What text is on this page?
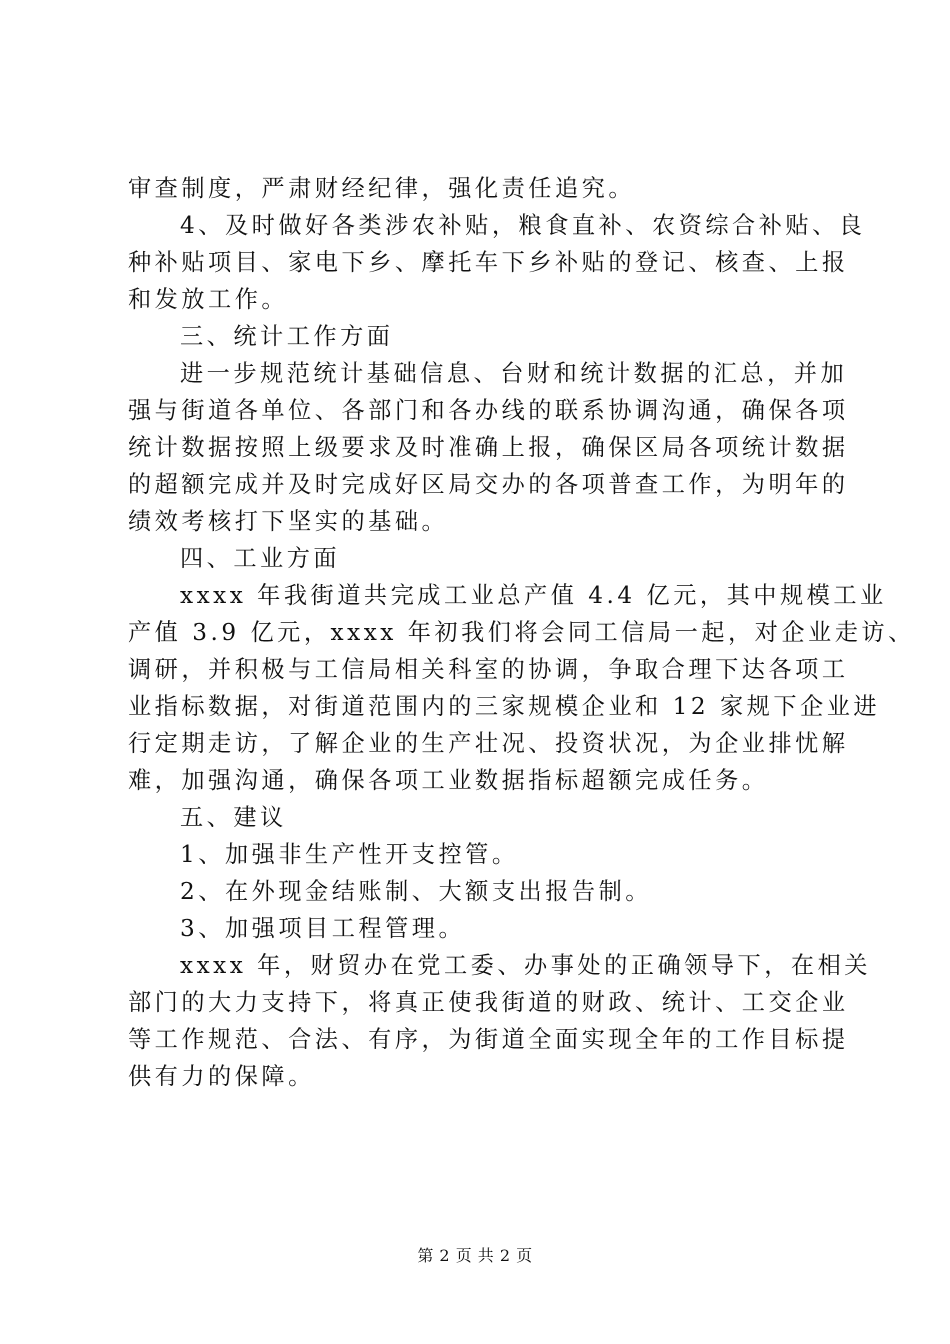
审查制度，严肃财经纪律，强化责任追究。
4、及时做好各类涉农补贴，粮食直补、农资综合补贴、良
种补贴项目、家电下乡、摩托车下乡补贴的登记、核查、上报
和发放工作。
三、统计工作方面
进一步规范统计基础信息、台财和统计数据的汇总，并加
强与街道各单位、各部门和各办线的联系协调沟通，确保各项
统计数据按照上级要求及时准确上报，确保区局各项统计数据
的超额完成并及时完成好区局交办的各项普查工作，为明年的
绩效考核打下坚实的基础。
四、工业方面
xxxx 年我街道共完成工业总产值 4.4 亿元，其中规模工业
产值 3.9 亿元，xxxx 年初我们将会同工信局一起，对企业走访、
调研，并积极与工信局相关科室的协调，争取合理下达各项工
业指标数据，对街道范围内的三家规模企业和 12 家规下企业进
行定期走访，了解企业的生产壮况、投资状况，为企业排忧解
难，加强沟通，确保各项工业数据指标超额完成任务。
五、建议
1、加强非生产性开支控管。
2、在外现金结账制、大额支出报告制。
3、加强项目工程管理。
xxxx 年，财贸办在党工委、办事处的正确领导下，在相关
部门的大力支持下，将真正使我街道的财政、统计、工交企业
等工作规范、合法、有序，为街道全面实现全年的工作目标提
供有力的保障。
第 2 页 共 2 页
